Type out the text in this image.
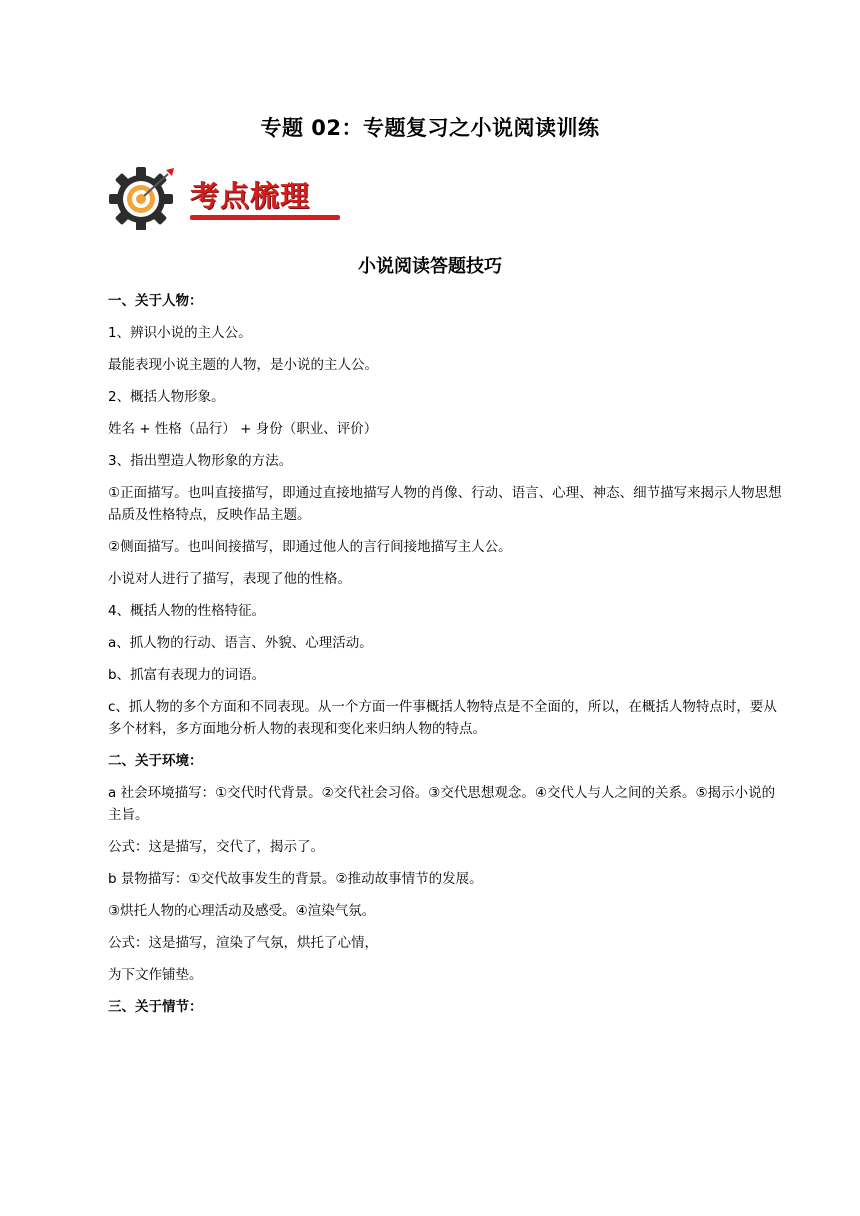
专题 02：专题复习之小说阅读训练
考点梳理
小说阅读答题技巧

一、关于人物：

1、辨识小说的主人公。

最能表现小说主题的人物，是小说的主人公。

2、概括人物形象。

姓名 + 性格（品行） + 身份（职业、评价）

3、指出塑造人物形象的方法。

①正面描写。也叫直接描写，即通过直接地描写人物的肖像、行动、语言、心理、神态、细节描写来揭示人物思想品质及性格特点，反映作品主题。

②侧面描写。也叫间接描写，即通过他人的言行间接地描写主人公。

小说对人进行了描写，表现了他的性格。

4、概括人物的性格特征。

a、抓人物的行动、语言、外貌、心理活动。

b、抓富有表现力的词语。

c、抓人物的多个方面和不同表现。从一个方面一件事概括人物特点是不全面的，所以，在概括人物特点时，要从多个材料，多方面地分析人物的表现和变化来归纳人物的特点。

二、关于环境：

a 社会环境描写：①交代时代背景。②交代社会习俗。③交代思想观念。④交代人与人之间的关系。⑤揭示小说的主旨。

公式：这是描写，交代了，揭示了。

b 景物描写：①交代故事发生的背景。②推动故事情节的发展。

③烘托人物的心理活动及感受。④渲染气氛。

公式：这是描写，渲染了气氛，烘托了心情，

为下文作铺垫。

三、关于情节：
